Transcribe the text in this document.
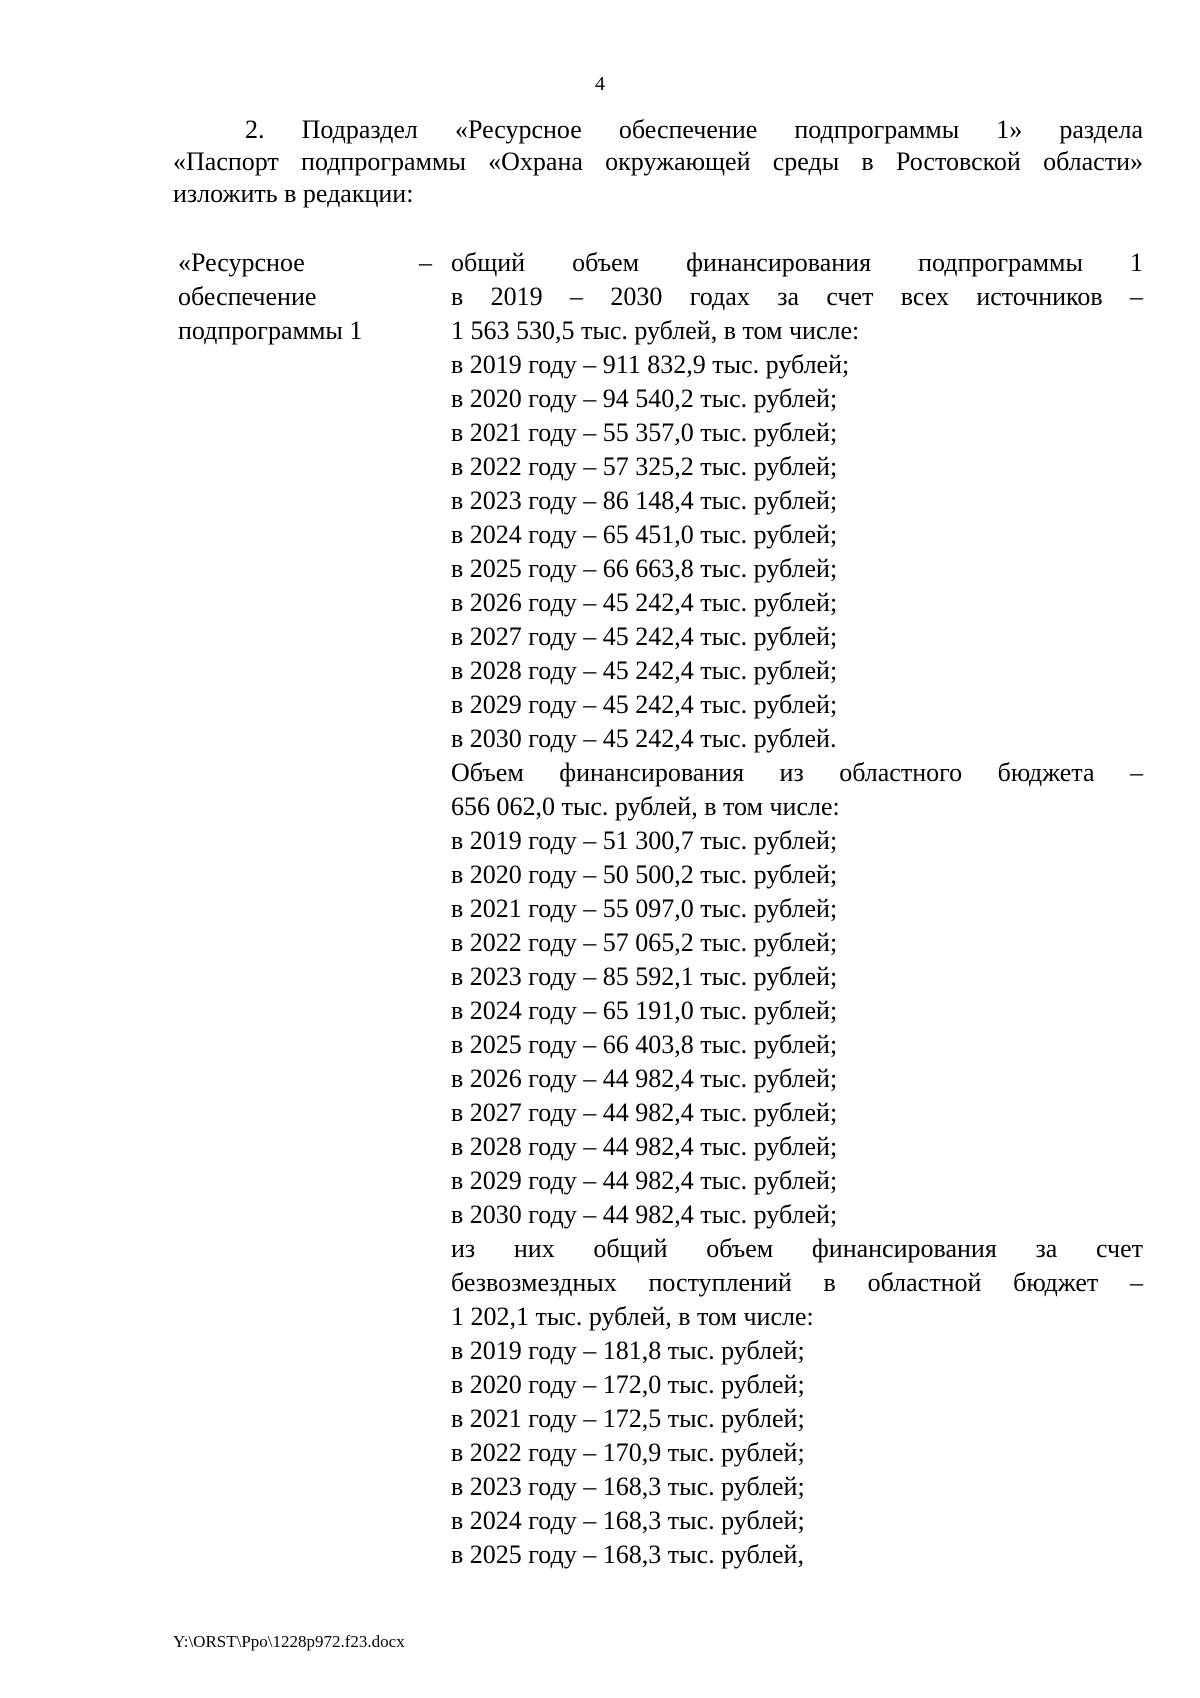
4
2. Подраздел «Ресурсное обеспечение подпрограммы 1» раздела
«Паспорт подпрограммы «Охрана окружающей среды в Ростовской области»
изложить в редакции:
«Ресурсное
обеспечение
подпрограммы 1
– общий объем финансирования подпрограммы 1
в 2019 – 2030 годах за счет всех источников –
1 563 530,5 тыс. рублей, в том числе:
в 2019 году – 911 832,9 тыс. рублей;
в 2020 году – 94 540,2 тыс. рублей;
в 2021 году – 55 357,0 тыс. рублей;
в 2022 году – 57 325,2 тыс. рублей;
в 2023 году – 86 148,4 тыс. рублей;
в 2024 году – 65 451,0 тыс. рублей;
в 2025 году – 66 663,8 тыс. рублей;
в 2026 году – 45 242,4 тыс. рублей;
в 2027 году – 45 242,4 тыс. рублей;
в 2028 году – 45 242,4 тыс. рублей;
в 2029 году – 45 242,4 тыс. рублей;
в 2030 году – 45 242,4 тыс. рублей.
Объем финансирования из областного бюджета –
656 062,0 тыс. рублей, в том числе:
в 2019 году – 51 300,7 тыс. рублей;
в 2020 году – 50 500,2 тыс. рублей;
в 2021 году – 55 097,0 тыс. рублей;
в 2022 году – 57 065,2 тыс. рублей;
в 2023 году – 85 592,1 тыс. рублей;
в 2024 году – 65 191,0 тыс. рублей;
в 2025 году – 66 403,8 тыс. рублей;
в 2026 году – 44 982,4 тыс. рублей;
в 2027 году – 44 982,4 тыс. рублей;
в 2028 году – 44 982,4 тыс. рублей;
в 2029 году – 44 982,4 тыс. рублей;
в 2030 году – 44 982,4 тыс. рублей;
из них общий объем финансирования за счет
безвозмездных поступлений в областной бюджет –
1 202,1 тыс. рублей, в том числе:
в 2019 году – 181,8 тыс. рублей;
в 2020 году – 172,0 тыс. рублей;
в 2021 году – 172,5 тыс. рублей;
в 2022 году – 170,9 тыс. рублей;
в 2023 году – 168,3 тыс. рублей;
в 2024 году – 168,3 тыс. рублей;
в 2025 году – 168,3 тыс. рублей,
Y:\ORST\Ppo\1228p972.f23.docx
